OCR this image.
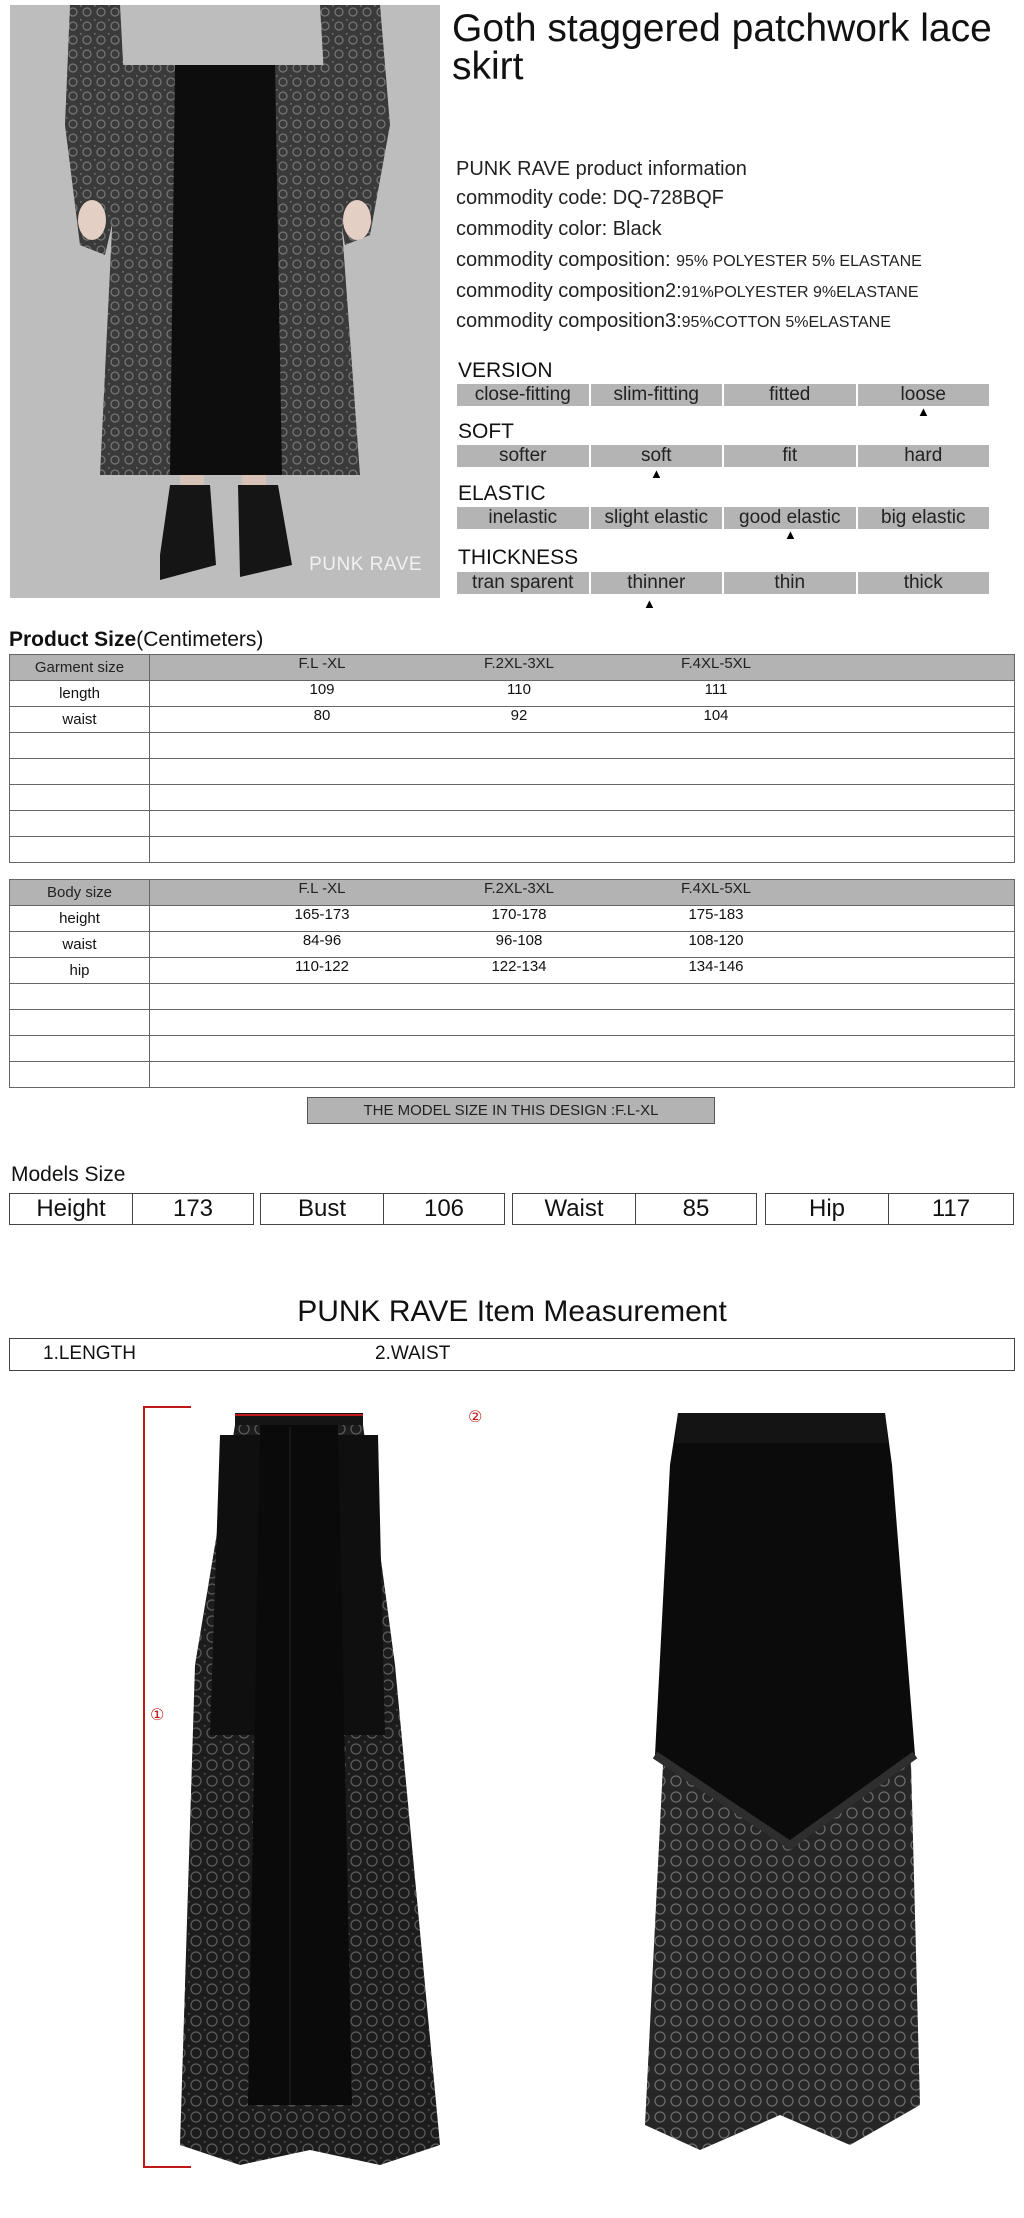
PUNK RAVE
Goth staggered patchwork lace skirt
PUNK RAVE product information
commodity code: DQ-728BQF
commodity color: Black
commodity composition: 95% POLYESTER 5% ELASTANE
commodity composition2:91%POLYESTER 9%ELASTANE
commodity composition3:95%COTTON 5%ELASTANE
VERSION
close-fitting	slim-fitting	fitted	loose
▲
SOFT
softer	soft	fit	hard
▲
ELASTIC
inelastic	slight elastic	good elastic	big elastic
▲
THICKNESS
tran sparent	thinner	thin	thick
▲
Product Size(Centimeters)
Garment size	F.L -XL F.2XL-3XL F.4XL-5XL

length	109 110 111

waist	80 92 104

Body size	F.L -XL F.2XL-3XL F.4XL-5XL

height	165-173 170-178 175-183

waist	84-96 96-108 108-120

hip	110-122 122-134 134-146

THE MODEL SIZE IN THIS DESIGN :F.L-XL
Models Size
Height	173	Bust	106	Waist	85	Hip	117
PUNK RAVE Item Measurement
1.LENGTH	2.WAIST
①
②
